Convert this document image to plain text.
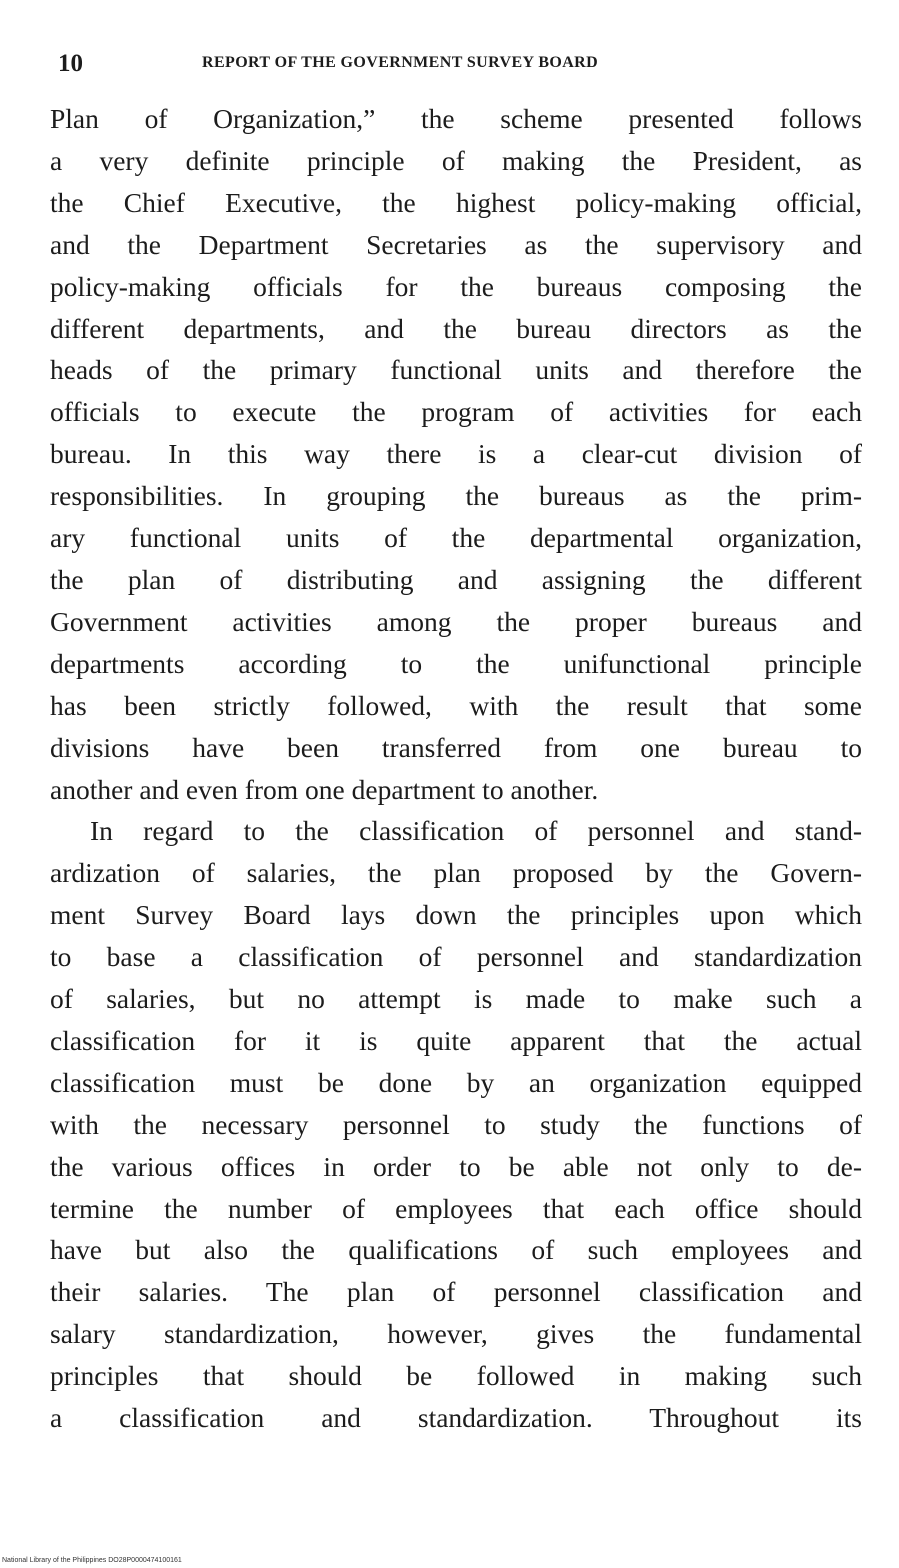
10	REPORT OF THE GOVERNMENT SURVEY BOARD

Plan of Organization,” the scheme presented follows
a very definite principle of making the President, as
the Chief Executive, the highest policy-making official,
and the Department Secretaries as the supervisory and
policy-making officials for the bureaus composing the
different departments, and the bureau directors as the
heads of the primary functional units and therefore the
officials to execute the program of activities for each
bureau. In this way there is a clear-cut division of
responsibilities. In grouping the bureaus as the prim-
ary functional units of the departmental organization,
the plan of distributing and assigning the different
Government activities among the proper bureaus and
departments according to the unifunctional principle
has been strictly followed, with the result that some
divisions have been transferred from one bureau to
another and even from one department to another.

In regard to the classification of personnel and stand-
ardization of salaries, the plan proposed by the Govern-
ment Survey Board lays down the principles upon which
to base a classification of personnel and standardization
of salaries, but no attempt is made to make such a
classification for it is quite apparent that the actual
classification must be done by an organization equipped
with the necessary personnel to study the functions of
the various offices in order to be able not only to de-
termine the number of employees that each office should
have but also the qualifications of such employees and
their salaries. The plan of personnel classification and
salary standardization, however, gives the fundamental
principles that should be followed in making such
a classification and standardization. Throughout its

National Library of the Philippines DO28P0000474100161
